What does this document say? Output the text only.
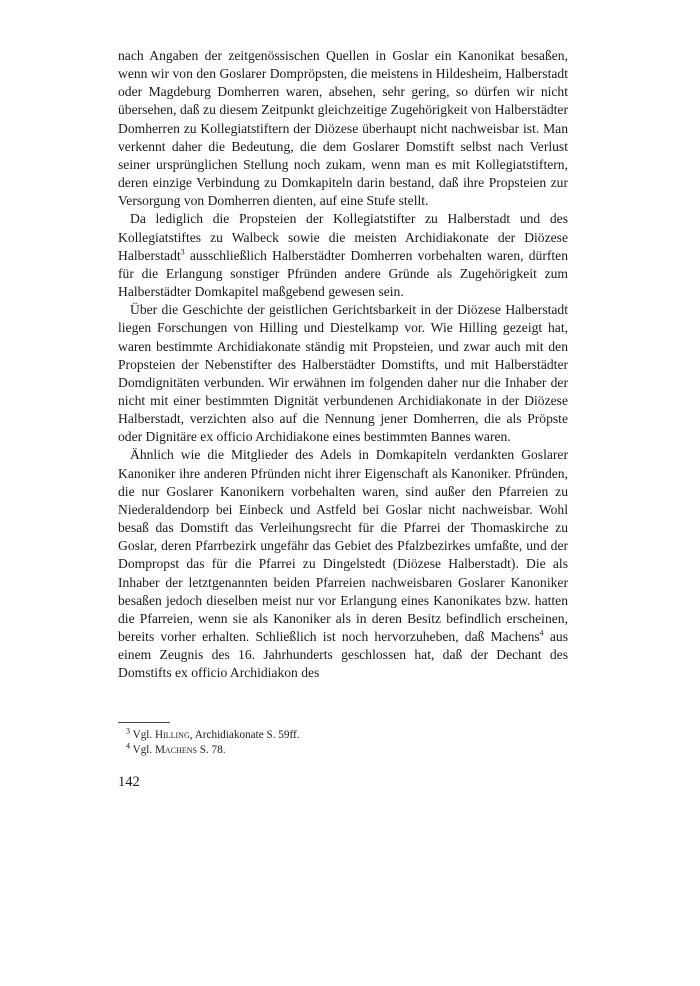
nach Angaben der zeitgenössischen Quellen in Goslar ein Kanonikat besaßen, wenn wir von den Goslarer Dompröpsten, die meistens in Hildesheim, Halberstadt oder Magdeburg Domherren waren, absehen, sehr gering, so dürfen wir nicht übersehen, daß zu diesem Zeitpunkt gleichzeitige Zugehörigkeit von Halberstädter Domherren zu Kollegiatstiftern der Diözese überhaupt nicht nachweisbar ist. Man verkennt daher die Bedeutung, die dem Goslarer Domstift selbst nach Verlust seiner ursprünglichen Stellung noch zukam, wenn man es mit Kollegiatstiftern, deren einzige Verbindung zu Domkapiteln darin bestand, daß ihre Propsteien zur Versorgung von Domherren dienten, auf eine Stufe stellt.

Da lediglich die Propsteien der Kollegiatstifter zu Halberstadt und des Kollegiatstiftes zu Walbeck sowie die meisten Archidiakonate der Diözese Halberstadt$^3$ ausschließlich Halberstädter Domherren vorbehalten waren, dürften für die Erlangung sonstiger Pfründen andere Gründe als Zugehörigkeit zum Halberstädter Domkapitel maßgebend gewesen sein.

Über die Geschichte der geistlichen Gerichtsbarkeit in der Diözese Halberstadt liegen Forschungen von Hilling und Diestelkamp vor. Wie Hilling gezeigt hat, waren bestimmte Archidiakonate ständig mit Propsteien, und zwar auch mit den Propsteien der Nebenstifter des Halberstädter Domstifts, und mit Halberstädter Domdignitäten verbunden. Wir erwähnen im folgenden daher nur die Inhaber der nicht mit einer bestimmten Dignität verbundenen Archidiakonate in der Diözese Halberstadt, verzichten also auf die Nennung jener Domherren, die als Pröpste oder Dignitäre ex officio Archidiakone eines bestimmten Bannes waren.

Ähnlich wie die Mitglieder des Adels in Domkapiteln verdankten Goslarer Kanoniker ihre anderen Pfründen nicht ihrer Eigenschaft als Kanoniker. Pfründen, die nur Goslarer Kanonikern vorbehalten waren, sind außer den Pfarreien zu Niederaldendorp bei Einbeck und Astfeld bei Goslar nicht nachweisbar. Wohl besaß das Domstift das Verleihungsrecht für die Pfarrei der Thomaskirche zu Goslar, deren Pfarrbezirk ungefähr das Gebiet des Pfalzbezirkes umfaßte, und der Dompropst das für die Pfarrei zu Dingelstedt (Diözese Halberstadt). Die als Inhaber der letztgenannten beiden Pfarreien nachweisbaren Goslarer Kanoniker besaßen jedoch dieselben meist nur vor Erlangung eines Kanonikates bzw. hatten die Pfarreien, wenn sie als Kanoniker als in deren Besitz befindlich erscheinen, bereits vorher erhalten. Schließlich ist noch hervorzuheben, daß Machens$^4$ aus einem Zeugnis des 16. Jahrhunderts geschlossen hat, daß der Dechant des Domstifts ex officio Archidiakon des

$^3$ Vgl. Hilling, Archidiakonate S. 59ff.
$^4$ Vgl. Machens S. 78.
142
